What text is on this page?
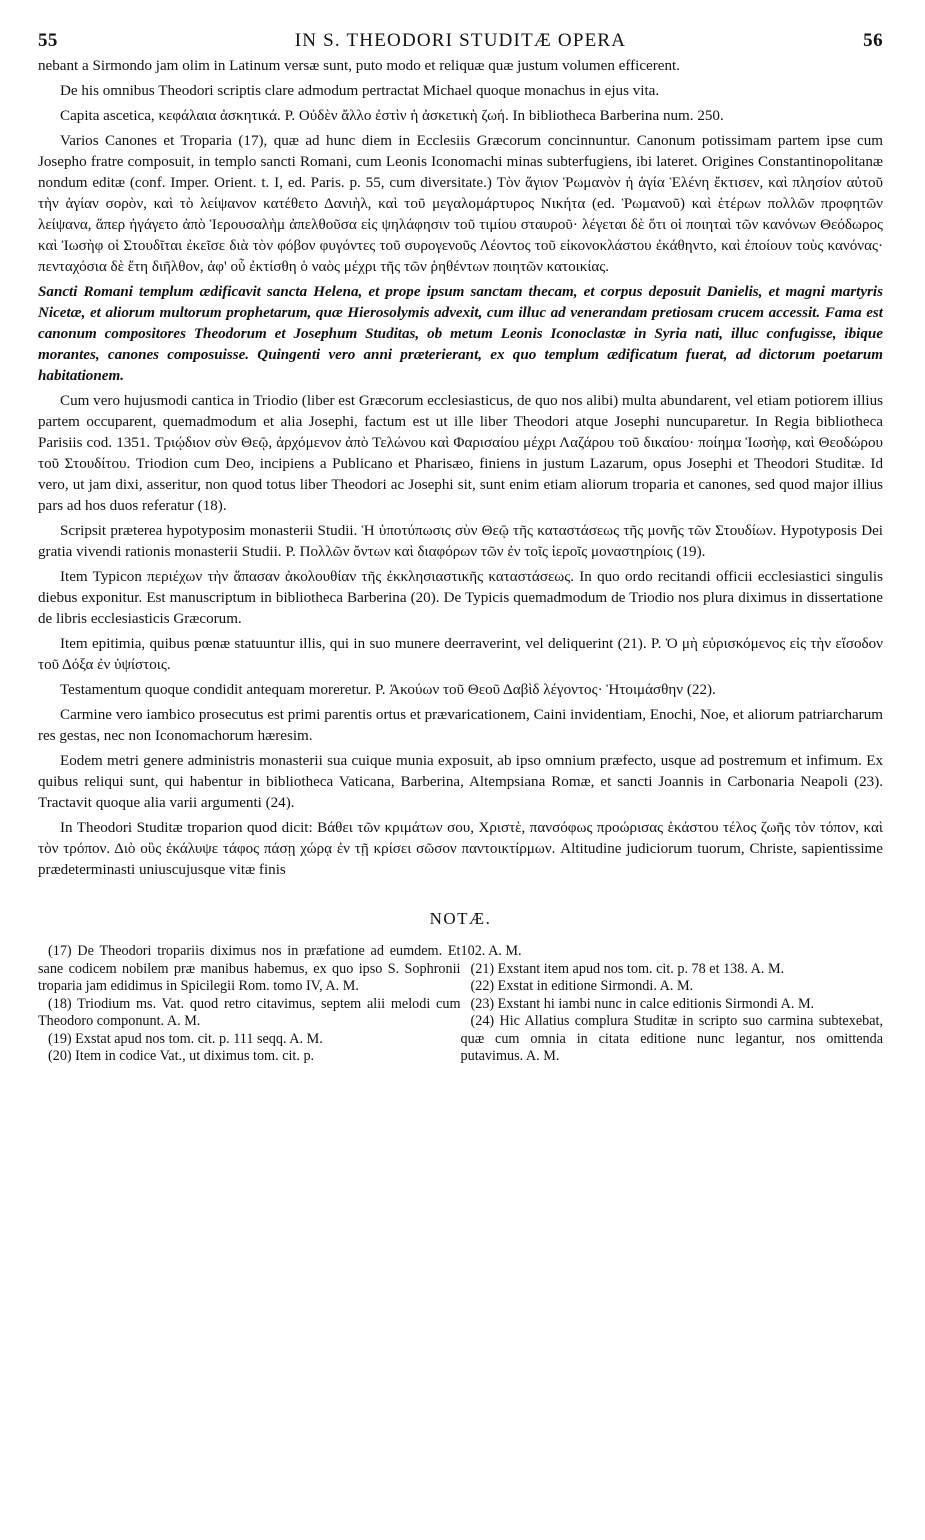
55	IN S. THEODORI STUDITÆ OPERA	56

nebant a Sirmondo jam olim in Latinum versæ sunt, puto modo et reliquæ quæ justum volumen efficerent.

De his omnibus Theodori scriptis clare admodum pertractat Michael quoque monachus in ejus vita.

Capita ascetica, κεφάλαια ἀσκητικά. P. Οὐδὲν ἄλλο ἐστὶν ἡ ἀσκετικὴ ζωή. In bibliotheca Barberina num. 250.

Varios Canones et Troparia (17), quæ ad hunc diem in Ecclesiis Græcorum concinnuntur. Canonum potissimam partem ipse cum Josepho fratre composuit, in templo sancti Romani, cum Leonis Iconomachi minas subterfugiens, ibi lateret. Origines Constantinopolitanæ nondum editæ (conf. Imper. Orient. t. I, ed. Paris. p. 55, cum diversitate.) Τὸν ἅγιον Ῥωμανὸν ἡ ἁγία Ἑλένη ἔκτισεν, καὶ πλησίον αὐτοῦ τὴν ἁγίαν σορὸν, καὶ τὸ λείψανον κατέθετο Δανιὴλ, καὶ τοῦ μεγαλομάρτυρος Νικήτα (ed. Ῥωμανοῦ) καὶ ἑτέρων πολλῶν προφητῶν λείψανα, ἅπερ ἠγάγετο ἀπὸ Ἱερουσαλὴμ ἀπελθοῦσα εἰς ψηλάφησιν τοῦ τιμίου σταυροῦ· λέγεται δὲ ὅτι οἱ ποιηταὶ τῶν κανόνων Θεόδωρος καὶ Ἰωσὴφ οἱ Στουδῖται ἐκεῖσε διὰ τὸν φόβον φυγόντες τοῦ συρογενοῦς Λέοντος τοῦ εἰκονοκλάστου ἐκάθηντο, καὶ ἐποίουν τοὺς κανόνας· πενταχόσια δὲ ἔτη διῆλθον, ἀφ' οὗ ἐκτίσθη ὁ ναὸς μέχρι τῆς τῶν ῥηθέντων ποιητῶν κατοικίας.

Sancti Romani templum ædificavit sancta Helena, et prope ipsum sanctam thecam, et corpus deposuit Danielis, et magni martyris Nicetæ, et aliorum multorum prophetarum, quæ Hierosolymis advexit, cum illuc ad venerandam pretiosam crucem accessit. Fama est canonum compositores Theodorum et Josephum Studitas, ob metum Leonis Iconoclastæ in Syria nati, illuc confugisse, ibique morantes, canones composuisse. Quingenti vero anni præterierant, ex quo templum ædificatum fuerat, ad dictorum poetarum habitationem.

Cum vero hujusmodi cantica in Triodio (liber est Græcorum ecclesiasticus, de quo nos alibi) multa abundarent, vel etiam potiorem illius partem occuparent, quemadmodum et alia Josephi, factum est ut ille liber Theodori atque Josephi nuncuparetur. In Regia bibliotheca Parisiis cod. 1351. Τριῴδιον σὺν Θεῷ, ἀρχόμενον ἀπὸ Τελώνου καὶ Φαρισαίου μέχρι Λαζάρου τοῦ δικαίου· ποίημα Ἰωσὴφ, καὶ Θεοδώρου τοῦ Στουδίτου. Triodion cum Deo, incipiens a Publicano et Pharisæo, finiens in justum Lazarum, opus Josephi et Theodori Studitæ. Id vero, ut jam dixi, asseritur, non quod totus liber Theodori ac Josephi sit, sunt enim etiam aliorum troparia et canones, sed quod major illius pars ad hos duos referatur (18).

Scripsit præterea hypotyposim monasterii Studii. Ἡ ὑποτύπωσις σὺν Θεῷ τῆς καταστάσεως τῆς μονῆς τῶν Στουδίων. Hypotyposis Dei gratia vivendi rationis monasterii Studii. P. Πολλῶν ὄντων καὶ διαφόρων τῶν ἐν τοῖς ἱεροῖς μοναστηρίοις (19).

Item Typicon περιέχων τὴν ἅπασαν ἀκολουθίαν τῆς ἐκκλησιαστικῆς καταστάσεως. In quo ordo recitandi officii ecclesiastici singulis diebus exponitur. Est manuscriptum in bibliotheca Barberina (20). De Typicis quemadmodum de Triodio nos plura diximus in dissertatione de libris ecclesiasticis Græcorum.

Item epitimia, quibus pœnæ statuuntur illis, qui in suo munere deerraverint, vel deliquerint (21). P. Ὁ μὴ εὑρισκόμενος εἰς τὴν εἴσοδον τοῦ Δόξα ἐν ὑψίστοις.

Testamentum quoque condidit antequam moreretur. P. Ἀκούων τοῦ Θεοῦ Δαβὶδ λέγοντος· Ἡτοιμάσθην (22).

Carmine vero iambico prosecutus est primi parentis ortus et prævaricationem, Caini invidentiam, Enochi, Noe, et aliorum patriarcharum res gestas, nec non Iconomachorum hæresim.

Eodem metri genere administris monasterii sua cuique munia exposuit, ab ipso omnium præfecto, usque ad postremum et infimum. Ex quibus reliqui sunt, qui habentur in bibliotheca Vaticana, Barberina, Altempsiana Romæ, et sancti Joannis in Carbonaria Neapoli (23). Tractavit quoque alia varii argumenti (24).

In Theodori Studitæ troparion quod dicit: Βάθει τῶν κριμάτων σου, Χριστὲ, πανσόφως προώρισας ἑκάστου τέλος ζωῆς τὸν τόπον, καὶ τὸν τρόπον. Διὸ οὓς ἐκάλυψε τάφος πάσῃ χώρᾳ ἐν τῇ κρίσει σῶσον παντοικτίρμων. Altitudine judiciorum tuorum, Christe, sapientissime prædeterminasti uniuscujusque vitæ finis

NOTÆ.

(17) De Theodori tropariis diximus nos in præfatione ad eumdem. Et sane codicem nobilem præ manibus habemus, ex quo ipso S. Sophronii troparia jam edidimus in Spicilegii Rom. tomo IV, A. M.

(18) Triodium ms. Vat. quod retro citavimus, septem alii melodi cum Theodoro componunt. A. M.

(19) Exstat apud nos tom. cit. p. 111 seqq. A. M.

(20) Item in codice Vat., ut diximus tom. cit. p.

102. A. M.

(21) Exstant item apud nos tom. cit. p. 78 et 138. A. M.

(22) Exstat in editione Sirmondi. A. M.

(23) Exstant hi iambi nunc in calce editionis Sirmondi A. M.

(24) Hic Allatius complura Studitæ in scripto suo carmina subtexebat, quæ cum omnia in citata editione nunc legantur, nos omittenda putavimus. A. M.
